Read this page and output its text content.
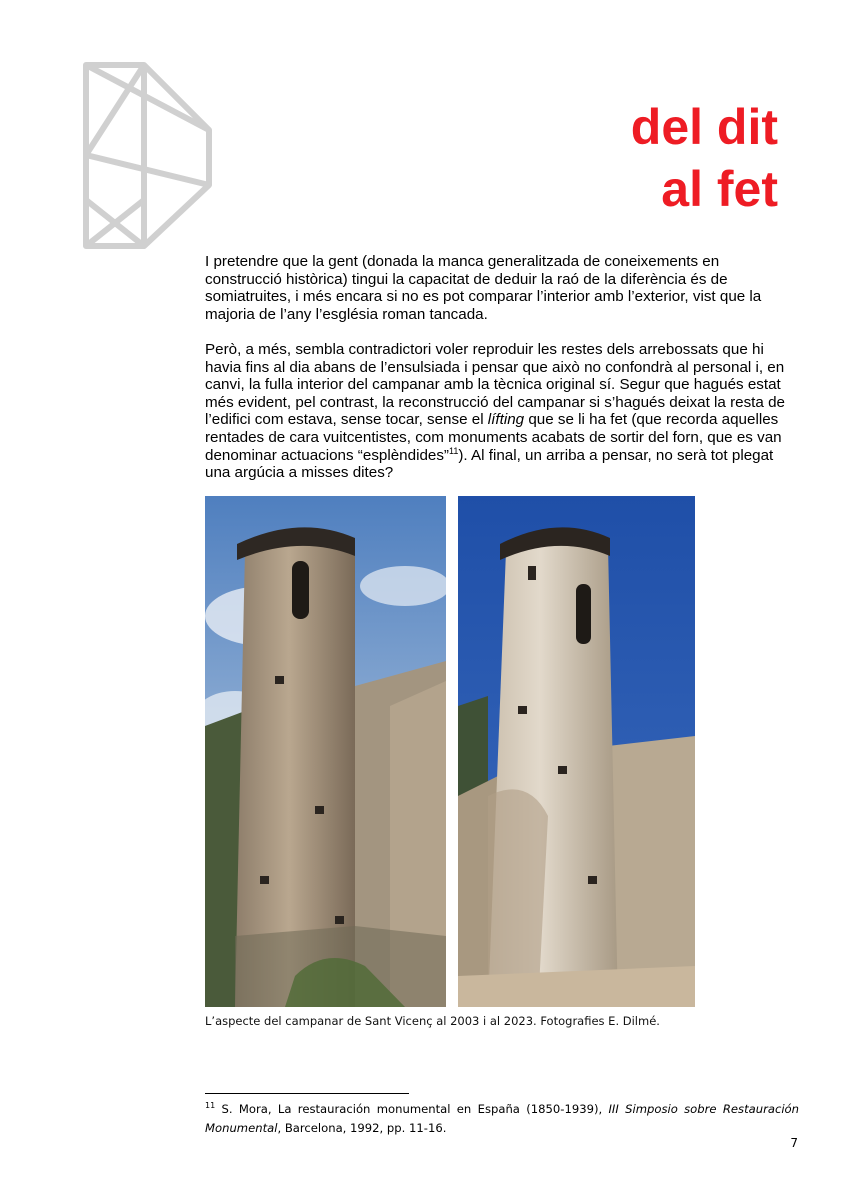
del dit
al fet

I pretendre que la gent (donada la manca generalitzada de coneixements en construcció històrica) tingui la capacitat de deduir la raó de la diferència és de somiatruites, i més encara si no es pot comparar l’interior amb l’exterior, vist que la majoria de l’any l’església roman tancada.

Però, a més, sembla contradictori voler reproduir les restes dels arrebossats que hi havia fins al dia abans de l’ensulsiada i pensar que això no confondrà al personal i, en canvi, la fulla interior del campanar amb la tècnica original sí. Segur que hagués estat més evident, pel contrast, la reconstrucció del campanar si s’hagués deixat la resta de l’edifici com estava, sense tocar, sense el lífting que se li ha fet (que recorda aquelles rentades de cara vuitcentistes, com monuments acabats de sortir del forn, que es van denominar actuacions “esplèndides”$^{11}$). Al final, un arriba a pensar, no serà tot plegat una argúcia a misses dites?

L’aspecte del campanar de Sant Vicenç al 2003 i al 2023. Fotografies E. Dilmé.
$^{11}$ S. Mora, La restauración monumental en España (1850-1939), III Simposio sobre Restauración Monumental, Barcelona, 1992, pp. 11-16.
7
